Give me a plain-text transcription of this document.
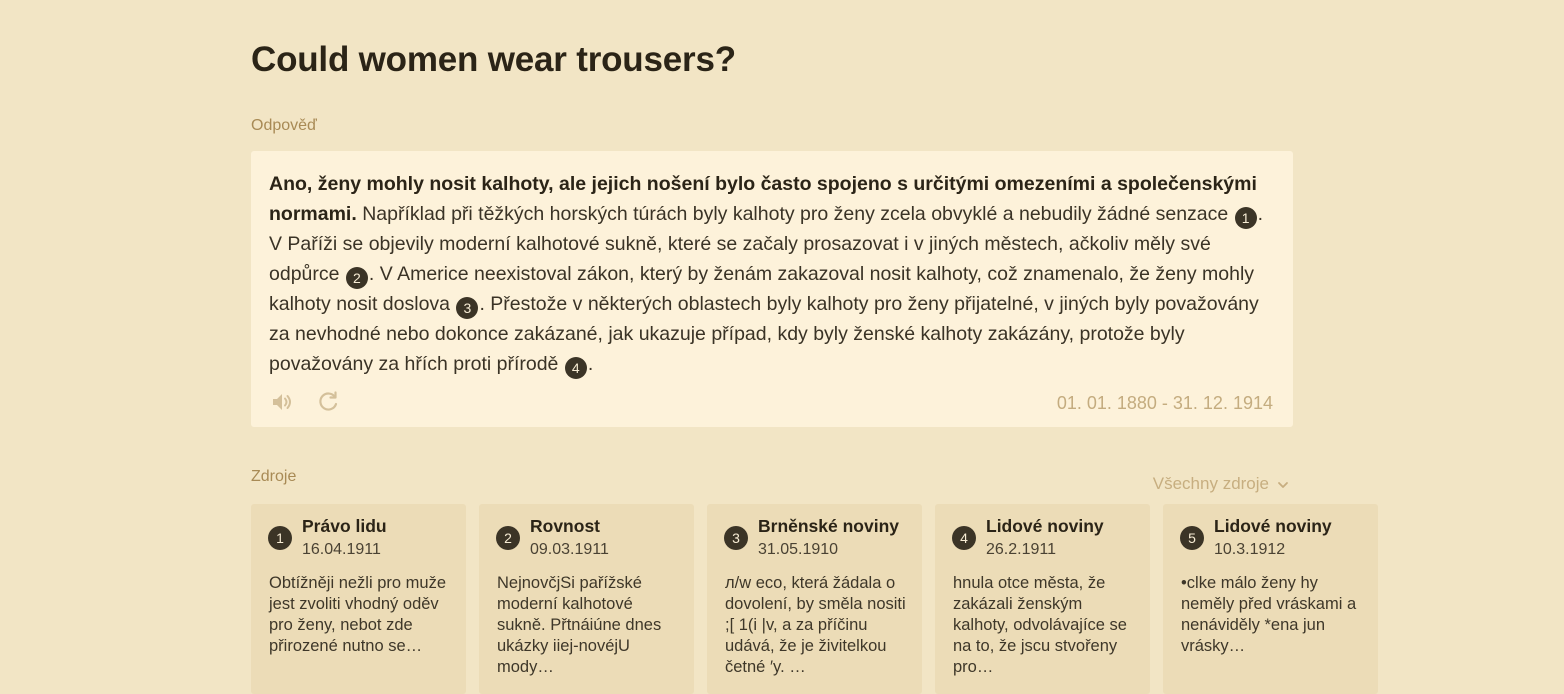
Could women wear trousers?
Odpověď
Ano, ženy mohly nosit kalhoty, ale jejich nošení bylo často spojeno s určitými omezeními a společenskými normami. Například při těžkých horských túrách byly kalhoty pro ženy zcela obvyklé a nebudily žádné senzace 1 . V Paříži se objevily moderní kalhotové sukně, které se začaly prosazovat i v jiných městech, ačkoliv měly své odpůrce 2 . V Americe neexistoval zákon, který by ženám zakazoval nosit kalhoty, což znamenalo, že ženy mohly kalhoty nosit doslova 3 . Přestože v některých oblastech byly kalhoty pro ženy přijatelné, v jiných byly považovány za nevhodné nebo dokonce zakázané, jak ukazuje případ, kdy byly ženské kalhoty zakázány, protože byly považovány za hřích proti přírodě 4 .
01. 01. 1880 - 31. 12. 1914
Zdroje	Všechny zdroje
1
Právo lidu
16.04.1911
Obtížněji nežli pro muže jest zvoliti vhodný oděv pro ženy, nebot zde přirozené nutno se…
2
Rovnost
09.03.1911
NejnovčjSi pařížské moderní kalhotové sukně. Přtnáiúne dnes ukázky iiej-novéjU mody…
3
Brněnské noviny
31.05.1910
л/w eco, která žádala o dovolení, by směla nositi ;[ 1(i |v, a za příčinu udává, že je živitelkou četné ′y. …
4
Lidové noviny
26.2.1911
hnula otce města, že zakázali ženským kalhoty, odvolávajíce se na to, že jscu stvořeny pro…
5
Lidové noviny
10.3.1912
•clke málo ženy hy neměly před vráskami a nenáviděly *ena jun vrásky…
